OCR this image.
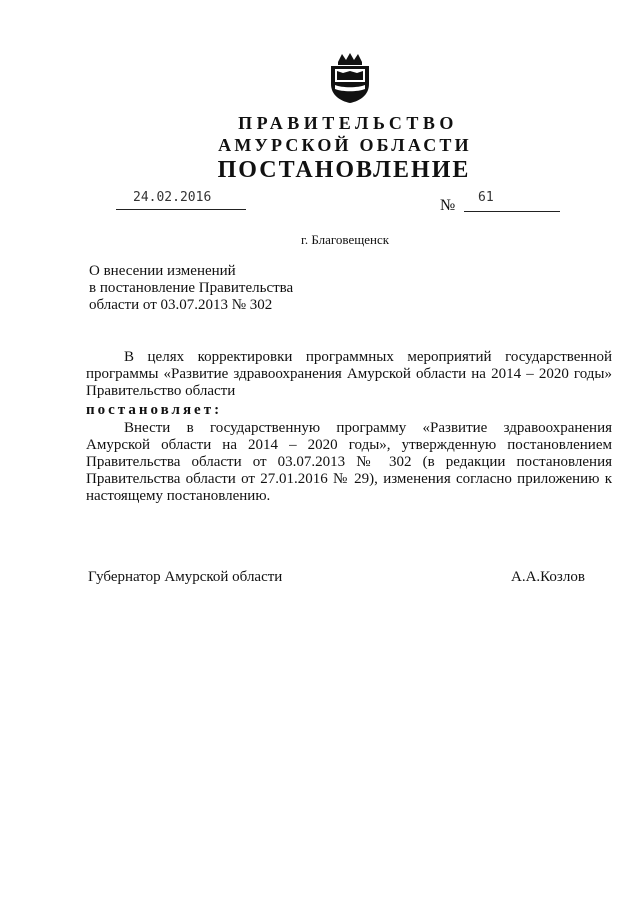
ПРАВИТЕЛЬСТВО
АМУРСКОЙ ОБЛАСТИ
ПОСТАНОВЛЕНИЕ
24.02.2016	№ 61
г. Благовещенск
О внесении изменений
в постановление Правительства
области от 03.07.2013 № 302
В целях корректировки программных мероприятий государственной программы «Развитие здравоохранения Амурской области на 2014 – 2020 годы» Правительство области
постановляет:
Внести в государственную программу «Развитие здравоохранения Амурской области на 2014 – 2020 годы», утвержденную постановлением Правительства области от 03.07.2013 № 302 (в редакции постановления Правительства области от 27.01.2016 № 29), изменения согласно приложению к настоящему постановлению.
Губернатор Амурской области	А.А.Козлов
